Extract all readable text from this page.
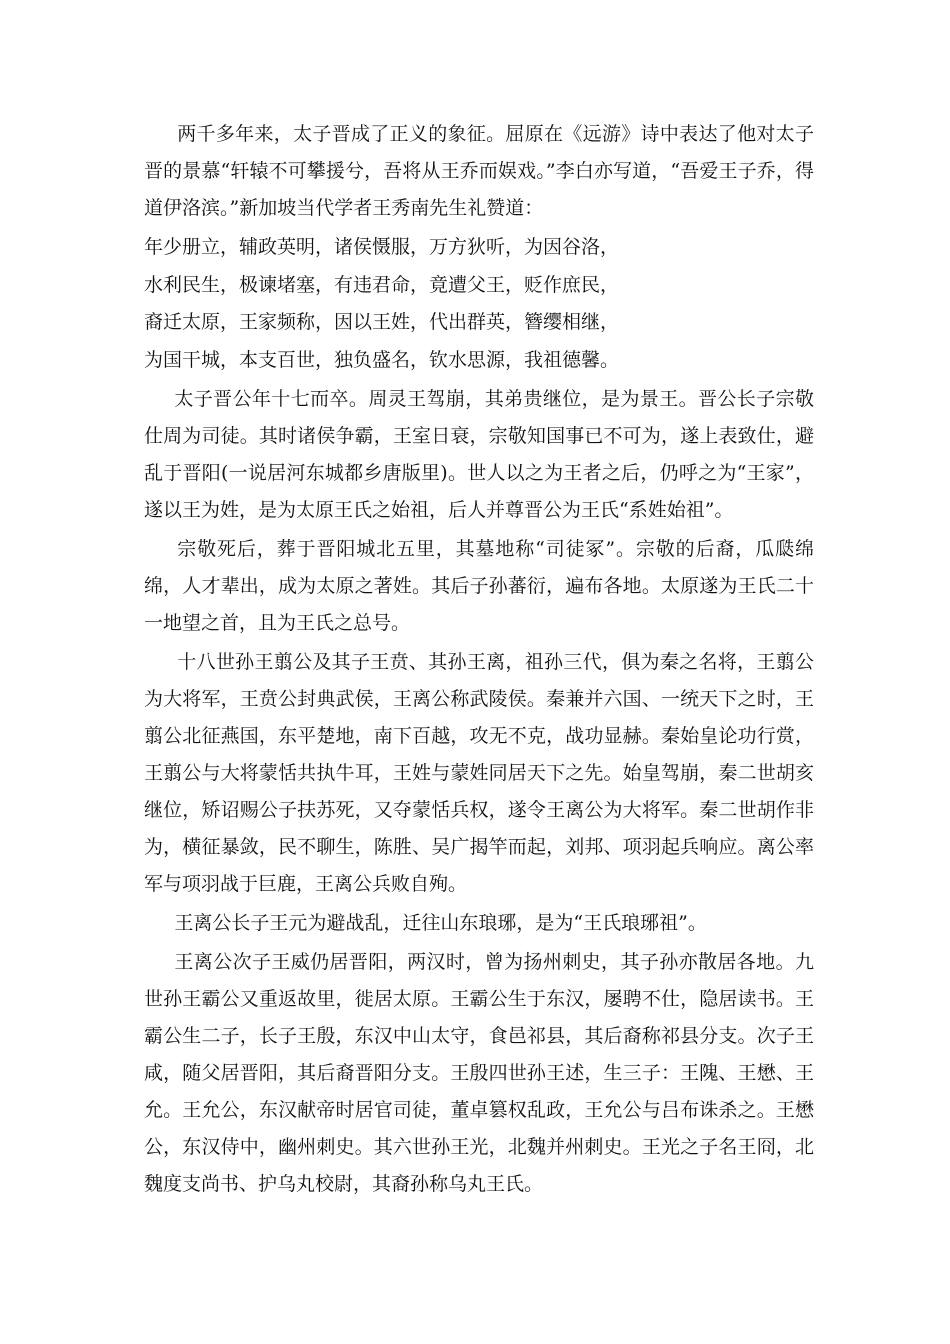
两千多年来，太子晋成了正义的象征。屈原在《远游》诗中表达了他对太子晋的景慕“轩辕不可攀援兮，吾将从王乔而娱戏。”李白亦写道，“吾爱王子乔，得道伊洛滨。”新加坡当代学者王秀南先生礼赞道：

年少册立，辅政英明，诸侯慑服，万方狄听，为因谷洛，
水利民生，极谏堵塞，有违君命，竟遭父王，贬作庶民，
裔迁太原，王家频称，因以王姓，代出群英，簪缨相继，
为国干城，本支百世，独负盛名，钦水思源，我祖德馨。

太子晋公年十七而卒。周灵王驾崩，其弟贵继位，是为景王。晋公长子宗敬仕周为司徒。其时诸侯争霸，王室日衰，宗敬知国事已不可为，遂上表致仕，避乱于晋阳(一说居河东城都乡唐版里)。世人以之为王者之后，仍呼之为“王家”，遂以王为姓，是为太原王氏之始祖，后人并尊晋公为王氏“系姓始祖”。

宗敬死后，葬于晋阳城北五里，其墓地称“司徒冢”。宗敬的后裔，瓜瓞绵绵，人才辈出，成为太原之著姓。其后子孙蕃衍，遍布各地。太原遂为王氏二十一地望之首，且为王氏之总号。

十八世孙王翦公及其子王贲、其孙王离，祖孙三代，俱为秦之名将，王翦公为大将军，王贲公封典武侯，王离公称武陵侯。秦兼并六国、一统天下之时，王翦公北征燕国，东平楚地，南下百越，攻无不克，战功显赫。秦始皇论功行赏，王翦公与大将蒙恬共执牛耳，王姓与蒙姓同居天下之先。始皇驾崩，秦二世胡亥继位，矫诏赐公子扶苏死，又夺蒙恬兵权，遂令王离公为大将军。秦二世胡作非为，横征暴敛，民不聊生，陈胜、吴广揭竿而起，刘邦、项羽起兵响应。离公率军与项羽战于巨鹿，王离公兵败自殉。

王离公长子王元为避战乱，迁往山东琅琊，是为“王氏琅琊祖”。

王离公次子王威仍居晋阳，两汉时，曾为扬州刺史，其子孙亦散居各地。九世孙王霸公又重返故里，徙居太原。王霸公生于东汉，屡聘不仕，隐居读书。王霸公生二子，长子王殷，东汉中山太守，食邑祁县，其后裔称祁县分支。次子王咸，随父居晋阳，其后裔晋阳分支。王殷四世孙王述，生三子：王隗、王懋、王允。王允公，东汉献帝时居官司徒，董卓篡权乱政，王允公与吕布诛杀之。王懋公，东汉侍中，幽州刺史。其六世孙王光，北魏并州刺史。王光之子名王冏，北魏度支尚书、护乌丸校尉，其裔孙称乌丸王氏。
